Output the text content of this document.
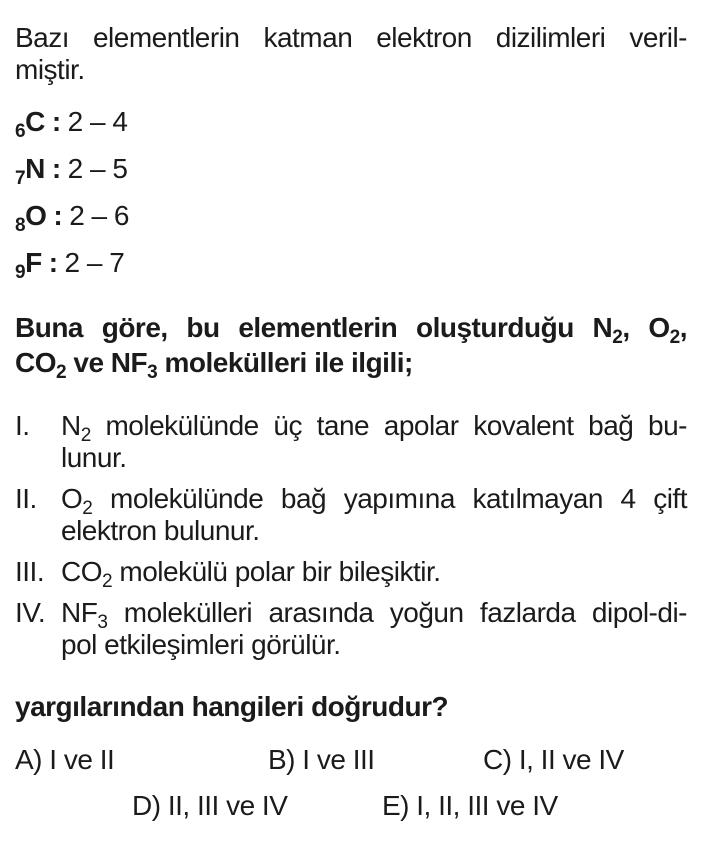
Bazı elementlerin katman elektron dizilimleri veril-
miştir.

$_6$C : 2 – 4
$_7$N : 2 – 5
$_8$O : 2 – 6
$_9$F : 2 – 7
Buna göre, bu elementlerin oluşturduğu $N_2$, $O_2$,
$CO_2$ ve $NF_3$ molekülleri ile ilgili;
I.	$N_2$ molekülünde üç tane apolar kovalent bağ bu-
lunur.
II. $O_2$ molekülünde bağ yapımına katılmayan 4 çift
elektron bulunur.
III. $CO_2$ molekülü polar bir bileşiktir.
IV. $NF_3$ molekülleri arasında yoğun fazlarda dipol-di-
pol etkileşimleri görülür.
yargılarından hangileri doğrudur?
A) I ve II	B) I ve III	C) I, II ve IV
D) II, III ve IV	E) I, II, III ve IV
